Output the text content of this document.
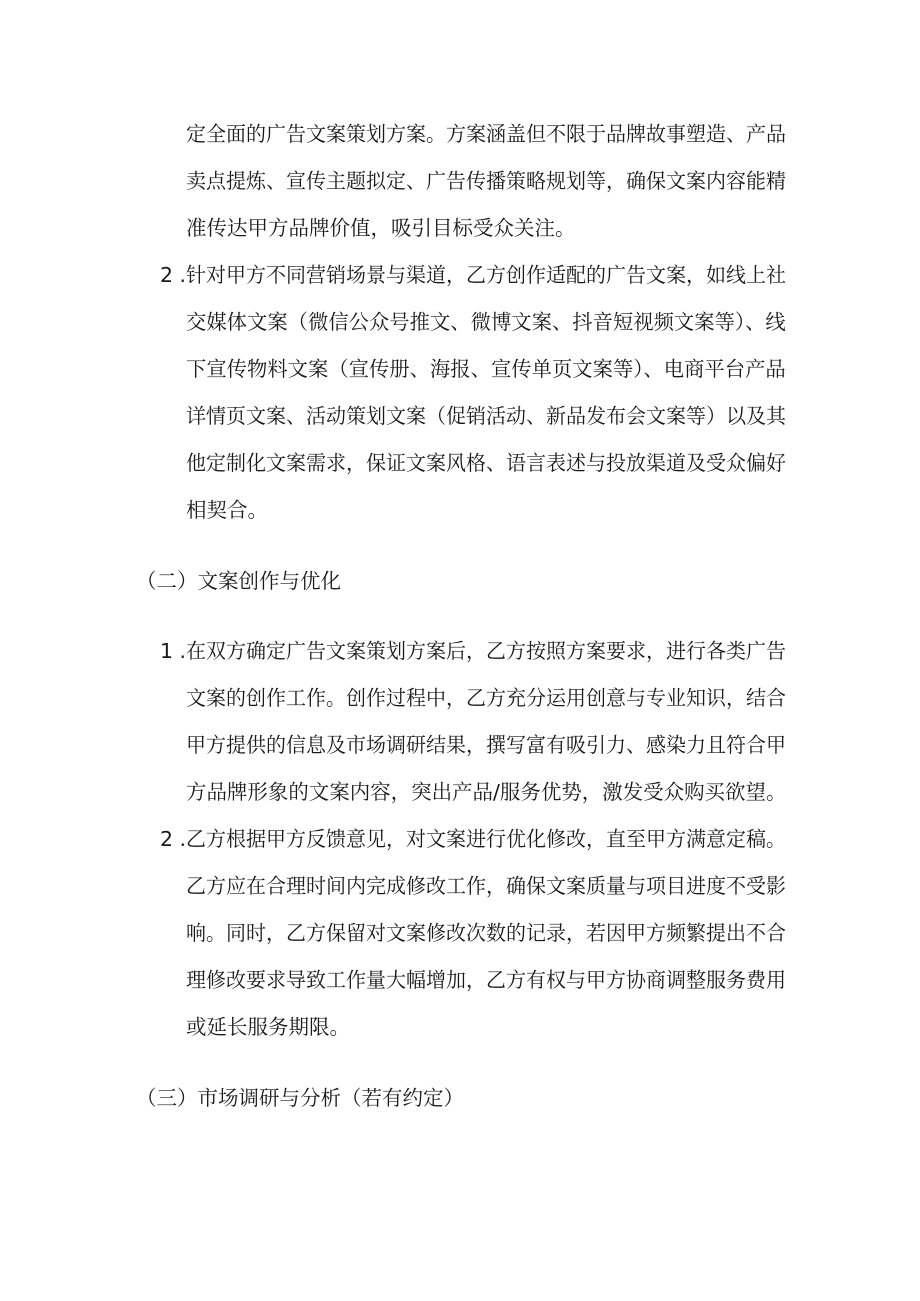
定全面的广告文案策划方案。方案涵盖但不限于品牌故事塑造、产品
卖点提炼、宣传主题拟定、广告传播策略规划等，确保文案内容能精
准传达甲方品牌价值，吸引目标受众关注。
2 . 针对甲方不同营销场景与渠道，乙方创作适配的广告文案，如线上社
交媒体文案（微信公众号推文、微博文案、抖音短视频文案等）、线
下宣传物料文案（宣传册、海报、宣传单页文案等）、电商平台产品
详情页文案、活动策划文案（促销活动、新品发布会文案等）以及其
他定制化文案需求，保证文案风格、语言表述与投放渠道及受众偏好
相契合。
（二）文案创作与优化
1 . 在双方确定广告文案策划方案后，乙方按照方案要求，进行各类广告
文案的创作工作。创作过程中，乙方充分运用创意与专业知识，结合
甲方提供的信息及市场调研结果，撰写富有吸引力、感染力且符合甲
方品牌形象的文案内容，突出产品/服务优势，激发受众购买欲望。
2 . 乙方根据甲方反馈意见，对文案进行优化修改，直至甲方满意定稿。
乙方应在合理时间内完成修改工作，确保文案质量与项目进度不受影
响。同时，乙方保留对文案修改次数的记录，若因甲方频繁提出不合
理修改要求导致工作量大幅增加，乙方有权与甲方协商调整服务费用
或延长服务期限。
（三）市场调研与分析（若有约定）
